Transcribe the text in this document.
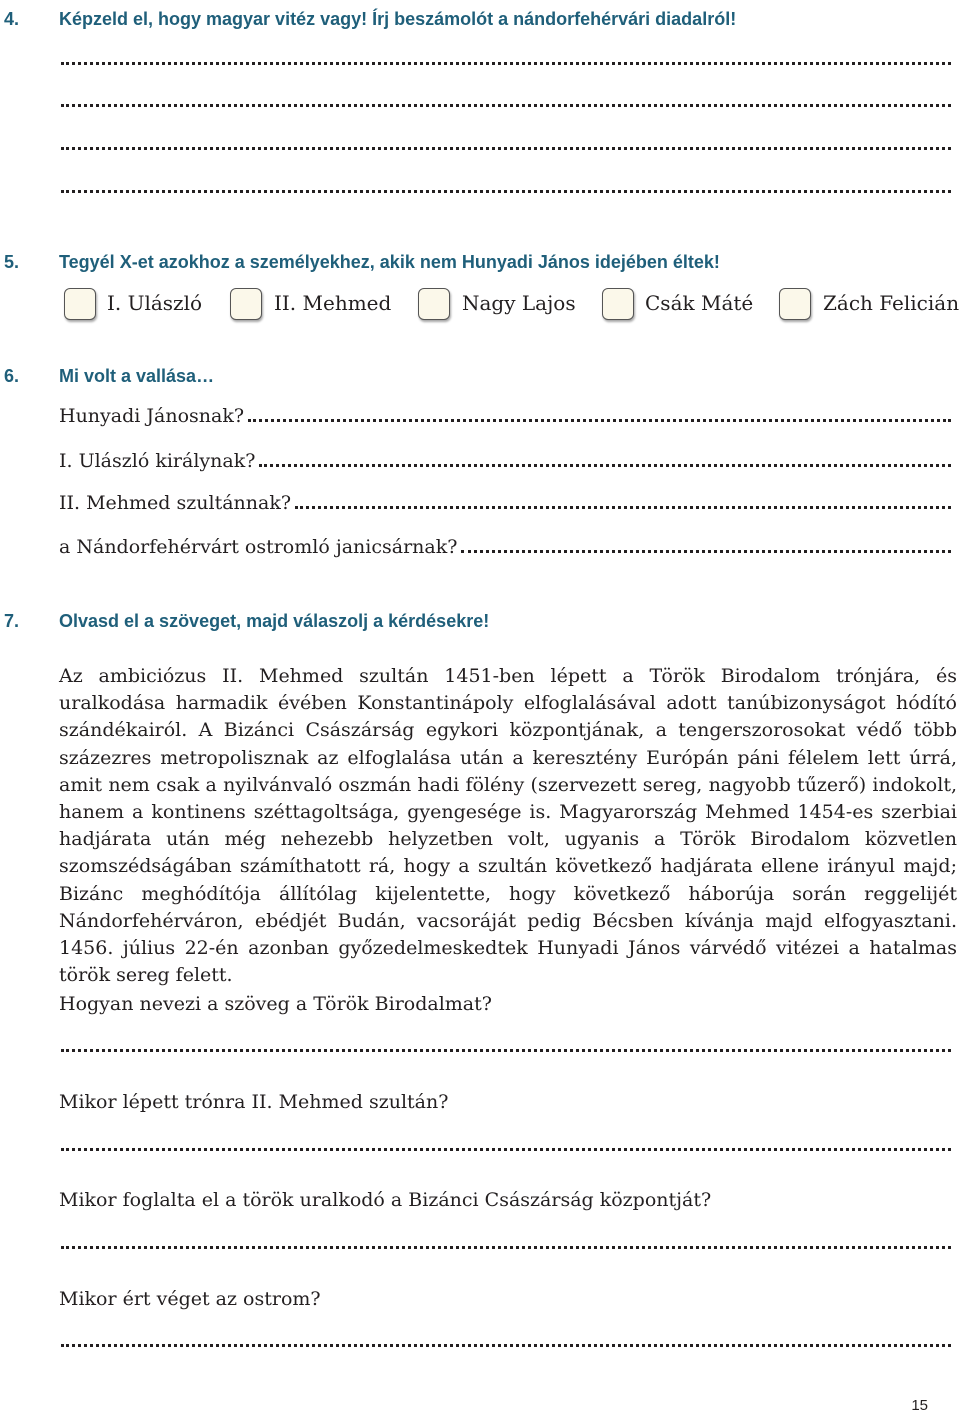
4. Képzeld el, hogy magyar vitéz vagy! Írj beszámolót a nándorfehérvári diadalról!
5. Tegyél X-et azokhoz a személyekhez, akik nem Hunyadi János idejében éltek!
I. Ulászló	II. Mehmed	Nagy Lajos	Csák Máté	Zách Felicián
6. Mi volt a vallása…
Hunyadi Jánosnak?
I. Ulászló királynak?
II. Mehmed szultánnak?
a Nándorfehérvárt ostromló janicsárnak?
7. Olvasd el a szöveget, majd válaszolj a kérdésekre!
Az ambiciózus II. Mehmed szultán 1451-ben lépett a Török Birodalom trónjára, és uralkodása harmadik évében Konstantinápoly elfoglalásával adott tanúbizonyságot hódító szándékairól. A Bizánci Császárság egykori központjának, a tengerszorosokat védő több százezres metropolisznak az elfoglalása után a keresztény Európán páni félelem lett úrrá, amit nem csak a nyilvánvaló oszmán hadi fölény (szervezett sereg, nagyobb tűzerő) indokolt, hanem a kontinens széttagoltsága, gyengesége is. Magyarország Mehmed 1454-es szerbiai hadjárata után még nehezebb helyzetben volt, ugyanis a Török Birodalom közvetlen szomszédságában számíthatott rá, hogy a szultán következő hadjárata ellene irányul majd; Bizánc meghódítója állítólag kijelentette, hogy következő háborúja során reggelijét Nándorfehérváron, ebédjét Budán, vacsoráját pedig Bécsben kívánja majd elfogyasztani. 1456. július 22-én azonban győzedelmeskedtek Hunyadi János várvédő vitézei a hatalmas török sereg felett.
Hogyan nevezi a szöveg a Török Birodalmat?
Mikor lépett trónra II. Mehmed szultán?
Mikor foglalta el a török uralkodó a Bizánci Császárság központját?
Mikor ért véget az ostrom?
15
